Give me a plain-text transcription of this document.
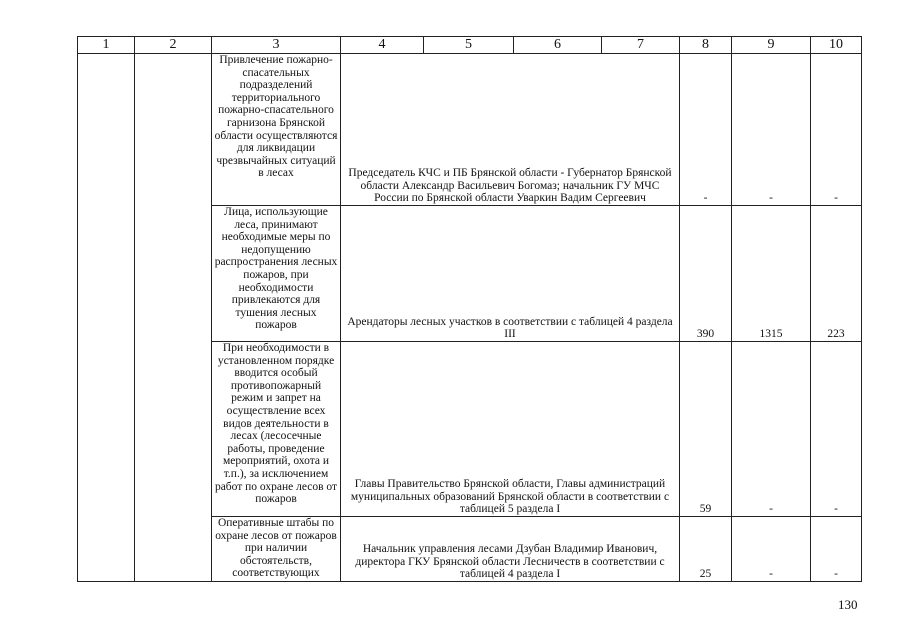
1	2	3	4	5	6	7	8	9	10
		Привлечение пожарно-спасательных подразделений территориального пожарно-спасательного гарнизона Брянской области осуществляются для ликвидации чрезвычайных ситуаций в лесах	Председатель КЧС и ПБ Брянской области - Губернатор Брянской области Александр Васильевич Богомаз; начальник ГУ МЧС России по Брянской области Уваркин Вадим Сергеевич				-	-	-
		Лица, использующие леса, принимают необходимые меры по недопущению распространения лесных пожаров, при необходимости привлекаются для тушения лесных пожаров	Арендаторы лесных участков в соответствии с таблицей 4 раздела III				390	1315	223
		При необходимости в установленном порядке вводится особый противопожарный режим и запрет на осуществление всех видов деятельности в лесах (лесосечные работы, проведение мероприятий, охота и т.п.), за исключением работ по охране лесов от пожаров	Главы Правительство Брянской области, Главы администраций муниципальных образований Брянской области в соответствии с таблицей 5 раздела I				59	-	-
		Оперативные штабы по охране лесов от пожаров при наличии обстоятельств, соответствующих	Начальник управления лесами Дзубан Владимир Иванович, директора ГКУ Брянской области Лесничеств в соответствии с таблицей 4 раздела I				25	-	-
130
